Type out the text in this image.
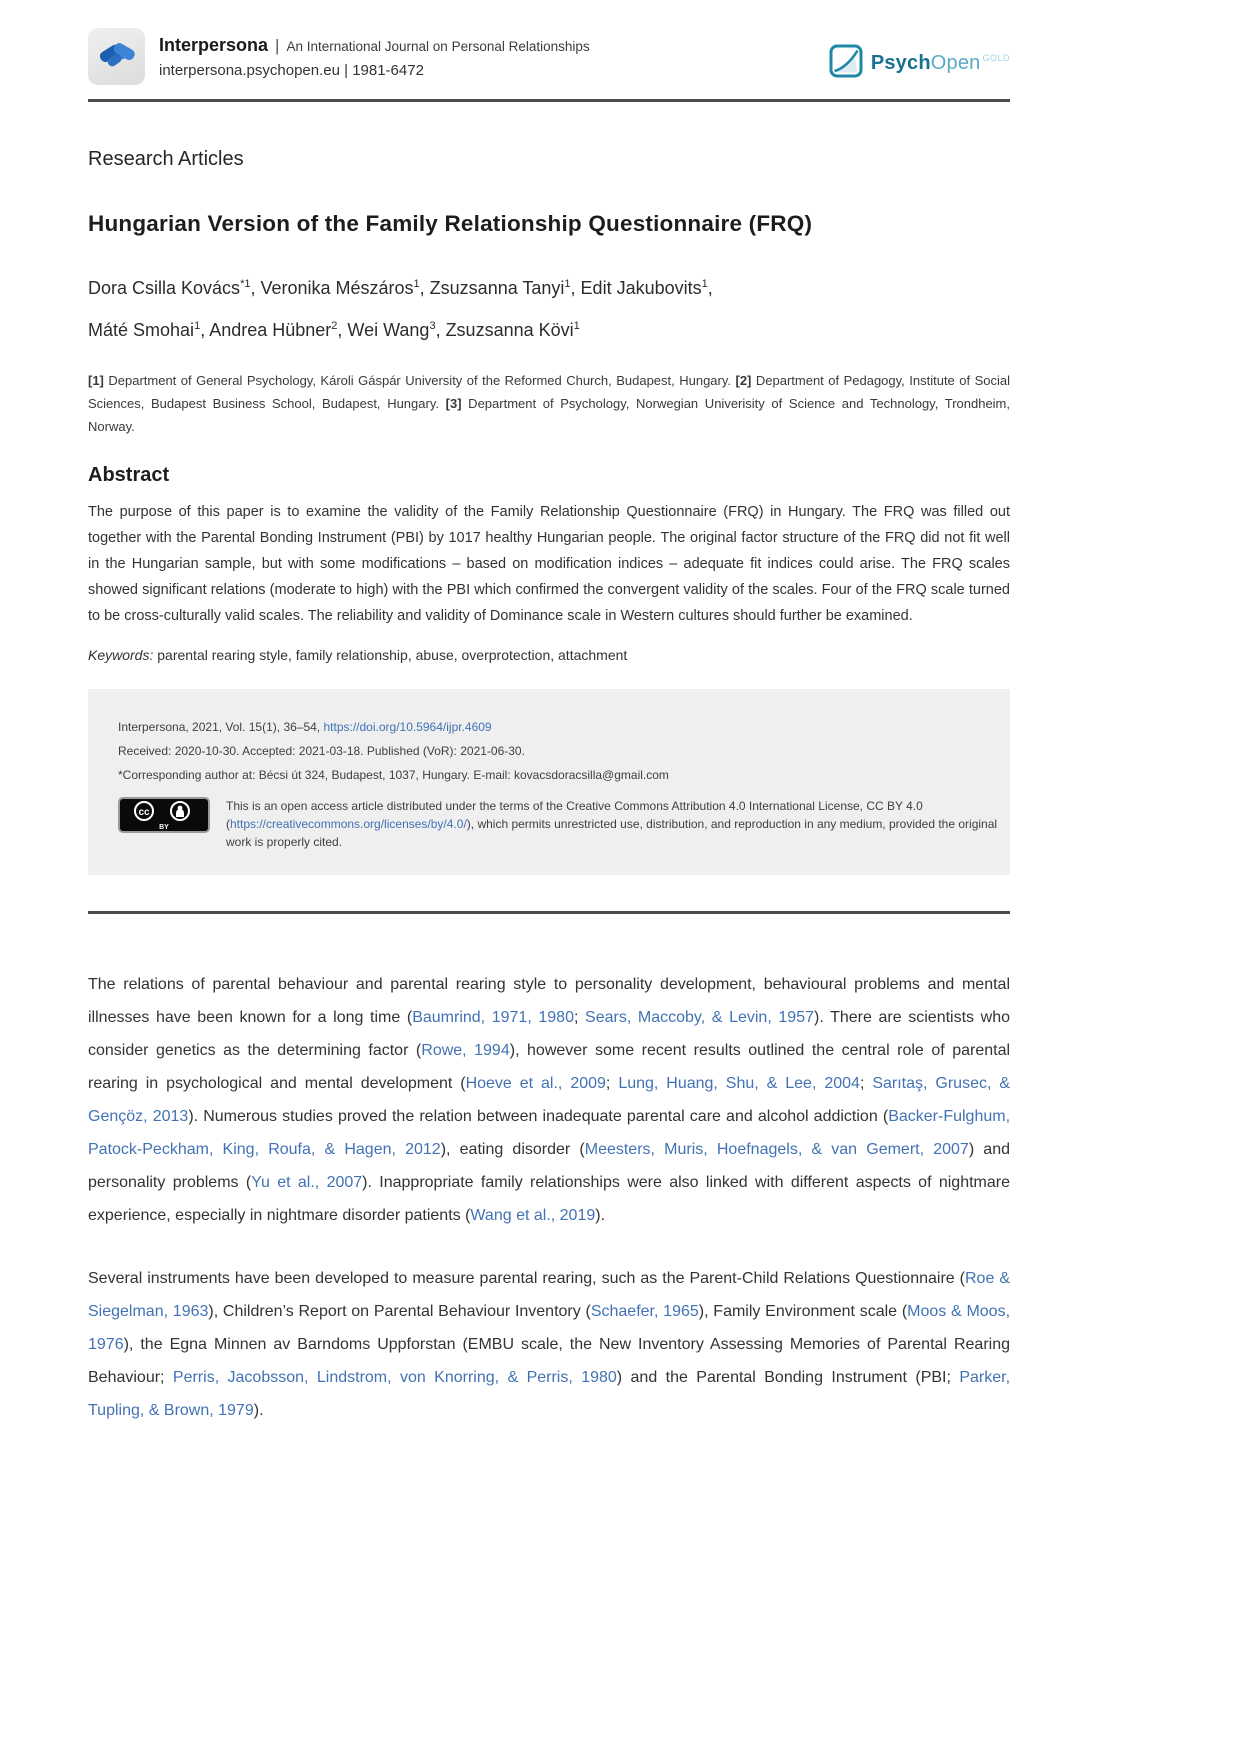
Interpersona | An International Journal on Personal Relationships
interpersona.psychopen.eu | 1981-6472	PsychOpen $^{GOLD}$
Research Articles
Hungarian Version of the Family Relationship Questionnaire (FRQ)
Dora Csilla Kovács$^{*1}$, Veronika Mészáros$^1$, Zsuzsanna Tanyi$^1$, Edit Jakubovits$^1$,
Máté Smohai$^1$, Andrea Hübner$^2$, Wei Wang$^3$, Zsuzsanna Kövi$^1$
[1] Department of General Psychology, Károli Gáspár University of the Reformed Church, Budapest, Hungary. [2] Department of Pedagogy, Institute of Social Sciences, Budapest Business School, Budapest, Hungary. [3] Department of Psychology, Norwegian Univerisity of Science and Technology, Trondheim, Norway.
Abstract
The purpose of this paper is to examine the validity of the Family Relationship Questionnaire (FRQ) in Hungary. The FRQ was filled out together with the Parental Bonding Instrument (PBI) by 1017 healthy Hungarian people. The original factor structure of the FRQ did not fit well in the Hungarian sample, but with some modifications – based on modification indices – adequate fit indices could arise. The FRQ scales showed significant relations (moderate to high) with the PBI which confirmed the convergent validity of the scales. Four of the FRQ scale turned to be cross-culturally valid scales. The reliability and validity of Dominance scale in Western cultures should further be examined.
Keywords: parental rearing style, family relationship, abuse, overprotection, attachment

Interpersona, 2021, Vol. 15(1), 36–54, https://doi.org/10.5964/ijpr.4609

Received: 2020-10-30. Accepted: 2021-03-18. Published (VoR): 2021-06-30.

*Corresponding author at: Bécsi út 324, Budapest, 1037, Hungary. E-mail: kovacsdoracsilla@gmail.com

cc
BY
This is an open access article distributed under the terms of the Creative Commons Attribution 4.0 International License, CC BY 4.0 (https://creativecommons.org/licenses/by/4.0/), which permits unrestricted use, distribution, and reproduction in any medium, provided the original work is properly cited.
The relations of parental behaviour and parental rearing style to personality development, behavioural problems and mental illnesses have been known for a long time (Baumrind, 1971, 1980; Sears, Maccoby, & Levin, 1957). There are scientists who consider genetics as the determining factor (Rowe, 1994), however some recent results outlined the central role of parental rearing in psychological and mental development (Hoeve et al., 2009; Lung, Huang, Shu, & Lee, 2004; Sarıtaş, Grusec, & Gençöz, 2013). Numerous studies proved the relation between inadequate parental care and alcohol addiction (Backer-Fulghum, Patock-Peckham, King, Roufa, & Hagen, 2012), eating disorder (Meesters, Muris, Hoefnagels, & van Gemert, 2007) and personality problems (Yu et al., 2007). Inappropriate family relationships were also linked with different aspects of nightmare experience, especially in nightmare disorder patients (Wang et al., 2019).
Several instruments have been developed to measure parental rearing, such as the Parent-Child Relations Questionnaire (Roe & Siegelman, 1963), Children’s Report on Parental Behaviour Inventory (Schaefer, 1965), Family Environment scale (Moos & Moos, 1976), the Egna Minnen av Barndoms Uppforstan (EMBU scale, the New Inventory Assessing Memories of Parental Rearing Behaviour; Perris, Jacobsson, Lindstrom, von Knorring, & Perris, 1980) and the Parental Bonding Instrument (PBI; Parker, Tupling, & Brown, 1979).
